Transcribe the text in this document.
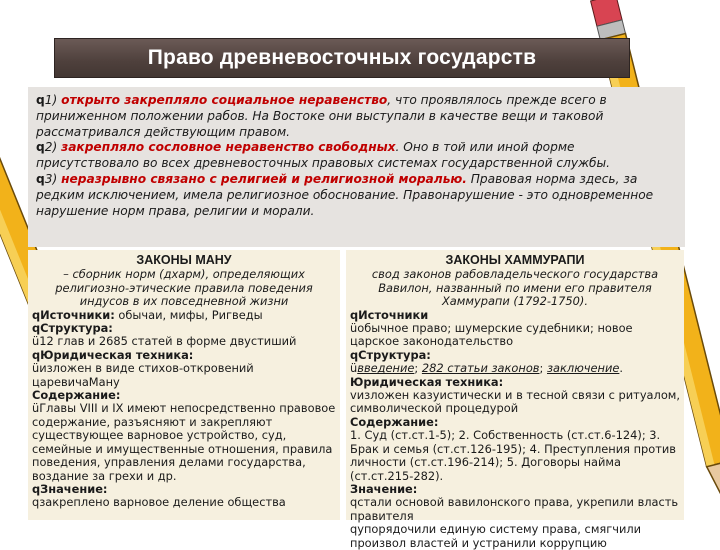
Право древневосточных государств

q1) открыто закрепляло социальное неравенство, что проявлялось прежде всего в приниженном положении рабов. На Востоке они выступали в качестве вещи и таковой рассматривался действующим правом.

q2) закрепляло сословное неравенство свободных. Оно в той или иной форме присутствовало во всех древневосточных правовых системах государственной службы.

q3) неразрывно связано с религией и религиозной моралью. Правовая норма здесь, за редким исключением, имела религиозное обоснование. Правонарушение - это одновременное нарушение норм права, религии и морали.

ЗАКОНЫ МАНУ
– сборник норм (дхарм), определяющих религиозно-этические правила поведения индусов в их повседневной жизни
qИсточники: обычаи, мифы, Ригведы
qСтруктура:
ü12 глав и 2685 статей в форме двустиший
qЮридическая техника:
üизложен в виде стихов-откровений царевичаМану
Содержание:
üГлавы VIII и IX имеют непосредственно правовое содержание, разъясняют и закрепляют существующее варновое устройство, суд, семейные и имущественные отношения, правила поведения, управления делами государства, воздание за грехи и др.
qЗначение:
qзакреплено варновое деление общества
ЗАКОНЫ ХАММУРАПИ
свод законов рабовладельческого государства Вавилон, названный по имени его правителя Хаммурапи (1792-1750).
qИсточники
üобычное право; шумерские судебники; новое царское законодательство
qСтруктура:
üвведение; 282 статьи законов; заключение.
Юридическая техника:
vизложен казуистически и в тесной связи с ритуалом, символической процедурой
Содержание:
1. Суд (ст.ст.1-5); 2. Собственность (ст.ст.6-124); 3. Брак и семья (ст.ст.126-195); 4. Преступления против личности (ст.ст.196-214); 5. Договоры найма (ст.ст.215-282).
Значение:
qстали основой вавилонского права, укрепили власть правителя
qупорядочили единую систему права, смягчили произвол властей и устранили коррупцию
